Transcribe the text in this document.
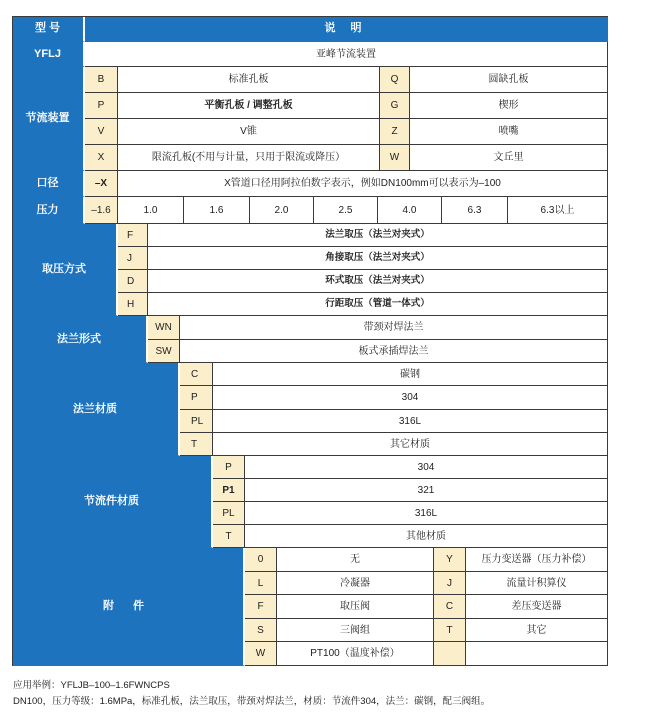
型 号	说 明
YFLJ	亚峰节流装置
节流装置
B	标准孔板	Q	圆缺孔板
P	平衡孔板 / 调整孔板	G	楔形
V	V锥	Z	喷嘴
X	限流孔板(不用与计量，只用于限流或降压）	W	文丘里
口径	–X	X管道口径用阿拉伯数字表示，例如DN100mm可以表示为–100
压力	–1.6	1.0	1.6	2.0	2.5	4.0	6.3	6.3以上
取压方式
F	法兰取压（法兰对夹式）
J	角接取压（法兰对夹式）
D	环式取压（法兰对夹式）
H	行距取压（管道一体式）
法兰形式
WN	带颈对焊法兰
SW	板式承插焊法兰
法兰材质
C	碳钢
P	304
PL	316L
T	其它材质
节流件材质
P	304
P1	321
PL	316L
T	其他材质
附 件
0	无	Y	压力变送器（压力补偿）
L	冷凝器	J	流量计积算仪
F	取压阀	C	差压变送器
S	三阀组	T	其它
W	PT100（温度补偿）
应用举例：YFLJB–100–1.6FWNCPS
DN100，压力等级：1.6MPa，标准孔板，法兰取压，带颈对焊法兰，材质：节流件304，法兰：碳钢，配三阀组。
